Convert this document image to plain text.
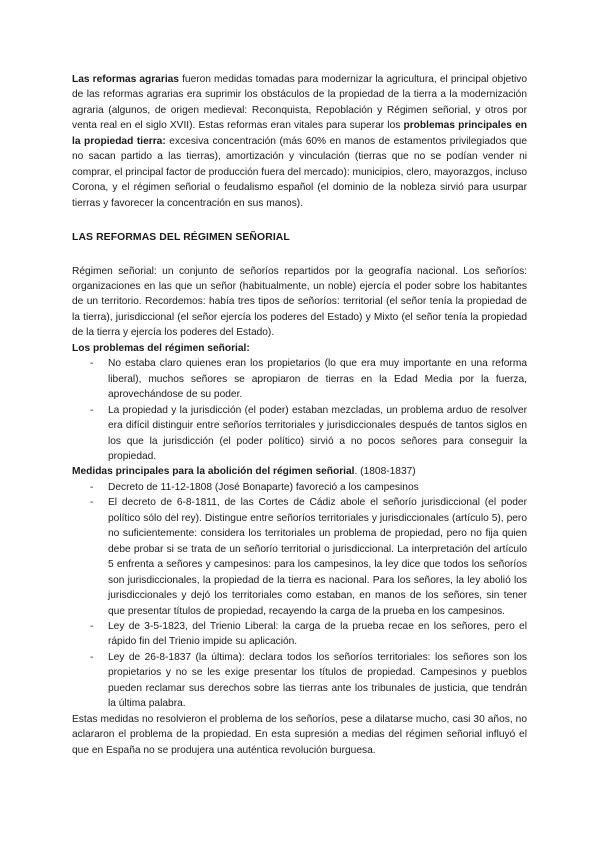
Las reformas agrarias fueron medidas tomadas para modernizar la agricultura, el principal objetivo de las reformas agrarias era suprimir los obstáculos de la propiedad de la tierra a la modernización agraria (algunos, de origen medieval: Reconquista, Repoblación y Régimen señorial, y otros por venta real en el siglo XVII). Estas reformas eran vitales para superar los problemas principales en la propiedad tierra: excesiva concentración (más 60% en manos de estamentos privilegiados que no sacan partido a las tierras), amortización y vinculación (tierras que no se podían vender ni comprar, el principal factor de producción fuera del mercado): municipios, clero, mayorazgos, incluso Corona, y el régimen señorial o feudalismo español (el dominio de la nobleza sirvió para usurpar tierras y favorecer la concentración en sus manos).

LAS REFORMAS DEL RÉGIMEN SEÑORIAL

Régimen señorial: un conjunto de señoríos repartidos por la geografía nacional. Los señoríos: organizaciones en las que un señor (habitualmente, un noble) ejercía el poder sobre los habitantes de un territorio. Recordemos: había tres tipos de señoríos: territorial (el señor tenía la propiedad de la tierra), jurisdiccional (el señor ejercía los poderes del Estado) y Mixto (el señor tenía la propiedad de la tierra y ejercía los poderes del Estado).

Los problemas del régimen señorial:
- No estaba claro quienes eran los propietarios (lo que era muy importante en una reforma liberal), muchos señores se apropiaron de tierras en la Edad Media por la fuerza, aprovechándose de su poder.
- La propiedad y la jurisdicción (el poder) estaban mezcladas, un problema arduo de resolver era difícil distinguir entre señoríos territoriales y jurisdiccionales después de tantos siglos en los que la jurisdicción (el poder político) sirvió a no pocos señores para conseguir la propiedad.
Medidas principales para la abolición del régimen señorial. (1808-1837)
- Decreto de 11-12-1808 (José Bonaparte) favoreció a los campesinos
- El decreto de 6-8-1811, de las Cortes de Cádiz abole el señorío jurisdiccional (el poder político sólo del rey). Distingue entre señoríos territoriales y jurisdiccionales (artículo 5), pero no suficientemente: considera los territoriales un problema de propiedad, pero no fija quien debe probar si se trata de un señorío territorial o jurisdiccional. La interpretación del artículo 5 enfrenta a señores y campesinos: para los campesinos, la ley dice que todos los señoríos son jurisdiccionales, la propiedad de la tierra es nacional. Para los señores, la ley abolió los jurisdiccionales y dejó los territoriales como estaban, en manos de los señores, sin tener que presentar títulos de propiedad, recayendo la carga de la prueba en los campesinos.
- Ley de 3-5-1823, del Trienio Liberal: la carga de la prueba recae en los señores, pero el rápido fin del Trienio impide su aplicación.
- Ley de 26-8-1837 (la última): declara todos los señoríos territoriales: los señores son los propietarios y no se les exige presentar los títulos de propiedad. Campesinos y pueblos pueden reclamar sus derechos sobre las tierras ante los tribunales de justicia, que tendrán la última palabra.

Estas medidas no resolvieron el problema de los señoríos, pese a dilatarse mucho, casi 30 años, no aclararon el problema de la propiedad. En esta supresión a medias del régimen señorial influyó el que en España no se produjera una auténtica revolución burguesa.
